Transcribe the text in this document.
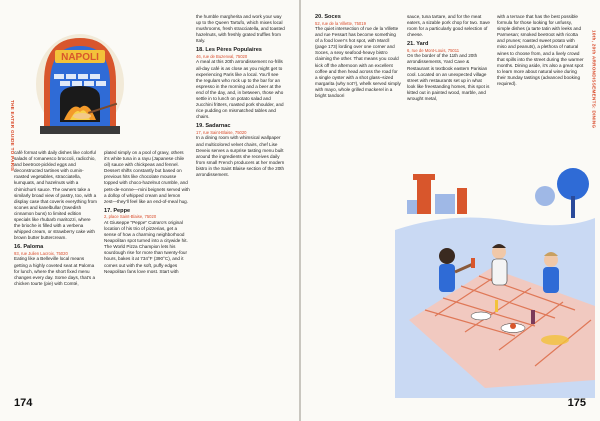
THE EATER GUIDE TO PARIS
NAPOLI

café format with daily dishes like colorful salads of romanesco broccoli, radicchio, and beetroot-pickled eggs and deconstructed tartines with cumin-roasted vegetables, stracciatella, kumquats, and hazelnuts with a chimichurri sauce. The owners take a similarly broad view of pastry, too, with a display case that coveris everything from scones and kanelbullar (Swedish cinnamon buns) to limited edition specials like rhubarb maritozzi, where the brioche is filled with a verbena whipped cream, or strawberry cake with brown butter buttercream.

16. Paloma
93, rue Julien Lacroix, 75020

Eating like a Belleville local means getting a highly coveted seat at Paloma for lunch, where the short fixed menu changes every day. Some days, that’s a chicken tourte (pie) with Comté,

plated simply on a pool of gravy, others it’s white tuna in a rayu (Japanese chile oil) sauce with chickpeas and fennel. Dessert shifts constantly but based on previous hits like chocolate mousse topped with choco-hazelnut crumble, and pets-de-nonne—mini beignets served with a dollop of whipped cream and lemon zest—they’ll feel like an end-of-meal hug.

17. Peppe
2, place Saint-Blaise, 75020

At Giuseppe “Peppe” Cutraro’s original location of his trio of pizzerias, get a sense of how a charming neighborhood Neapolitan spot turned into a citywide hit. The World Pizza Champion lets his sourdough rise for more than twenty-four hours, bakes it at 734°F (390°C), and it comes out with the soft, puffy edges Neapolitan fans love most. Start with

the humble margherita and work your way up to the Queen Tartufo, which mixes local mushrooms, fresh stracciatella, and toasted hazelnuts, with freshly grated truffles from Italy.

18. Les Pères Populaires
46, rue de Buzenval, 75020

A meal at this 20th arrondissement no-frills all-day café is as close as you might get to experiencing Paris like a local. You’ll see the regulars who rock up to the bar for an espresso in the morning and a beer at the end of the day, and, in between, those who settle in to lunch on potato salad and zucchini fritters, roasted pork shoulder, and rice pudding on mismatched tables and chairs.

19. Sadarnac
17, rue Saint-Blaise, 75020

In a dining room with whimsical wallpaper and multicolored velvet chairs, chef Lise Deveix serves a surprise tasting menu built around the ingredients she receives daily from small French producers at her modern bistro in the Saint Blaise section of the 20th arrondissement.

174
10th, 20th ARRONDISSEMENTS: DINING
20. Soces
52, rue de la Villette, 75019

The quiet intersection of rue de la Villette and rue Fessart has become something of a food lover’s hot spot, with Marcll (page 173) lording over one corner and Soces, a sexy seafood-heavy bistro claiming the other. That means you could kick off the afternoon with an excellent coffee and then head across the road for a single oyster with a shot glass–sized margarita (why not?), whelk served simply with mayo, whole grilled mackerel in a bright tandoori

sauce, tuna tartare, and for the meat eaters, a sizable pork chop for two. Save room for a particularly good selection of cheese.

21. Yard
6, rue de Mont-Louis, 75011

On the border of the 11th and 20th arrondissements, Yard Cave & Restaurant is textbook eastern Parisian cool. Located on an unexpected village street with restaurants set up in what look like freestanding homes, this spot is kitted out in painted wood, marble, and wrought metal,

with a terrace that has the best possible formula for those looking for unfussy, simple dishes (a tarte tatin with leeks and Parmesan; smoked beetroot with ricotta and prunes; roasted sweet potato with miso and peanuts), a plethora of natural wines to choose from, and a lively crowd that spills into the street during the warmer months. Dining aside, it’s also a great spot to learn more about natural wine during their Sunday tastings (advanced booking required).

175
